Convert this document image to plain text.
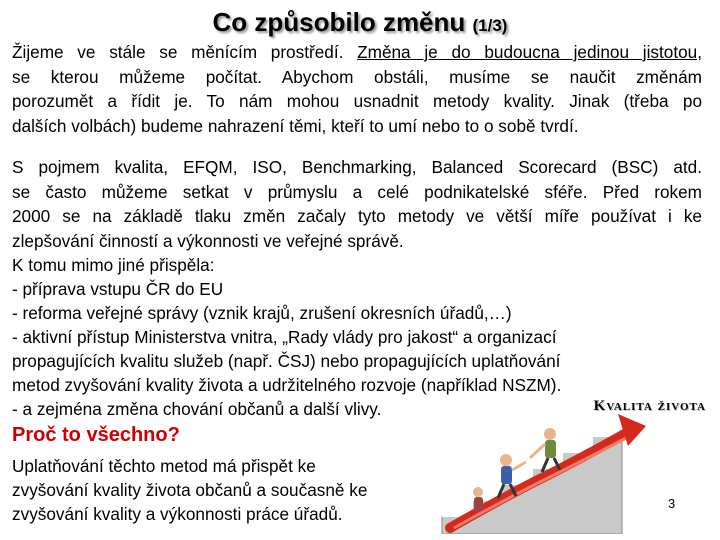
Co způsobilo změnu (1/3)
Žijeme ve stále se měnícím prostředí. Změna je do budoucna jedinou jistotou,
se kterou můžeme počítat. Abychom obstáli, musíme se naučit změnám
porozumět a řídit je. To nám mohou usnadnit metody kvality. Jinak (třeba po
dalších volbách) budeme nahrazení těmi, kteří to umí nebo to o sobě tvrdí.
S pojmem kvalita, EFQM, ISO, Benchmarking, Balanced Scorecard (BSC) atd.
se často můžeme setkat v průmyslu a celé podnikatelské sféře. Před rokem
2000 se na základě tlaku změn začaly tyto metody ve větší míře používat i ke
zlepšování činností a výkonnosti ve veřejné správě.
K tomu mimo jiné přispěla:
- příprava vstupu ČR do EU
- reforma veřejné správy (vznik krajů, zrušení okresních úřadů,…)
- aktivní přístup Ministerstva vnitra, „Rady vlády pro jakost“ a organizací
propagujících kvalitu služeb (např. ČSJ) nebo propagujících uplatňování
metod zvyšování kvality života a udržitelného rozvoje (například NSZM).
- a zejména změna chování občanů a další vlivy.
Proč to všechno?
Uplatňování těchto metod má přispět ke
zvyšování kvality života občanů a současně ke
zvyšování kvality a výkonnosti práce úřadů.
Kvalita života
3
